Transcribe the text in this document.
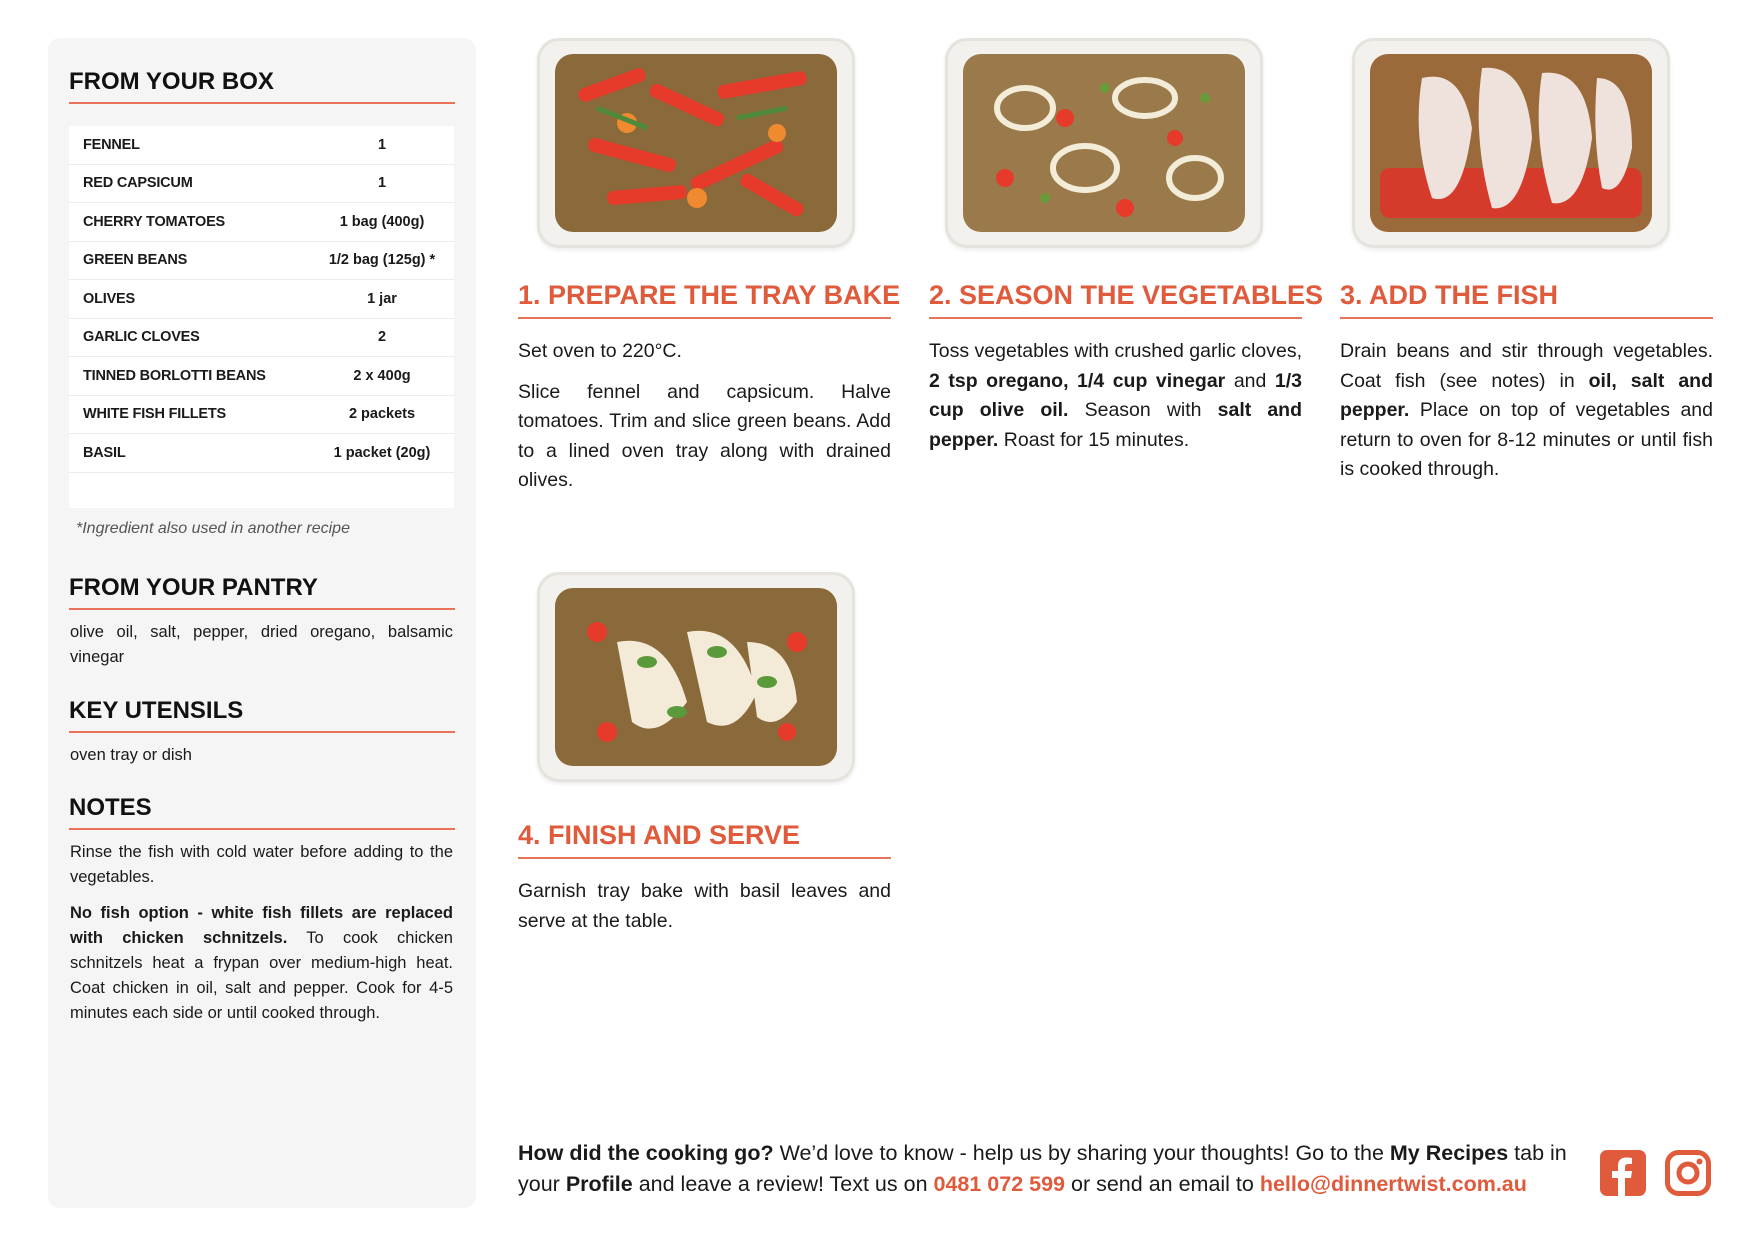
FROM YOUR BOX
FENNEL	1
RED CAPSICUM	1
CHERRY TOMATOES	1 bag (400g)
GREEN BEANS	1/2 bag (125g) *
OLIVES	1 jar
GARLIC CLOVES	2
TINNED BORLOTTI BEANS	2 x 400g
WHITE FISH FILLETS	2 packets
BASIL	1 packet (20g)
*Ingredient also used in another recipe
FROM YOUR PANTRY
olive oil, salt, pepper, dried oregano, balsamic vinegar
KEY UTENSILS
oven tray or dish
NOTES

Rinse the fish with cold water before adding to the vegetables.

No fish option - white fish fillets are replaced with chicken schnitzels. To cook chicken schnitzels heat a frypan over medium-high heat. Coat chicken in oil, salt and pepper. Cook for 4-5 minutes each side or until cooked through.

1. PREPARE THE TRAY BAKE

Set oven to 220°C.

Slice fennel and capsicum. Halve tomatoes. Trim and slice green beans. Add to a lined oven tray along with drained olives.

2. SEASON THE VEGETABLES

Toss vegetables with crushed garlic cloves, 2 tsp oregano, 1/4 cup vinegar and 1/3 cup olive oil. Season with salt and pepper. Roast for 15 minutes.

3. ADD THE FISH

Drain beans and stir through vegetables. Coat fish (see notes) in oil, salt and pepper. Place on top of vegetables and return to oven for 8-12 minutes or until fish is cooked through.

4. FINISH AND SERVE

Garnish tray bake with basil leaves and serve at the table.

How did the cooking go? We’d love to know - help us by sharing your thoughts! Go to the My Recipes tab in your Profile and leave a review! Text us on 0481 072 599 or send an email to hello@dinnertwist.com.au
